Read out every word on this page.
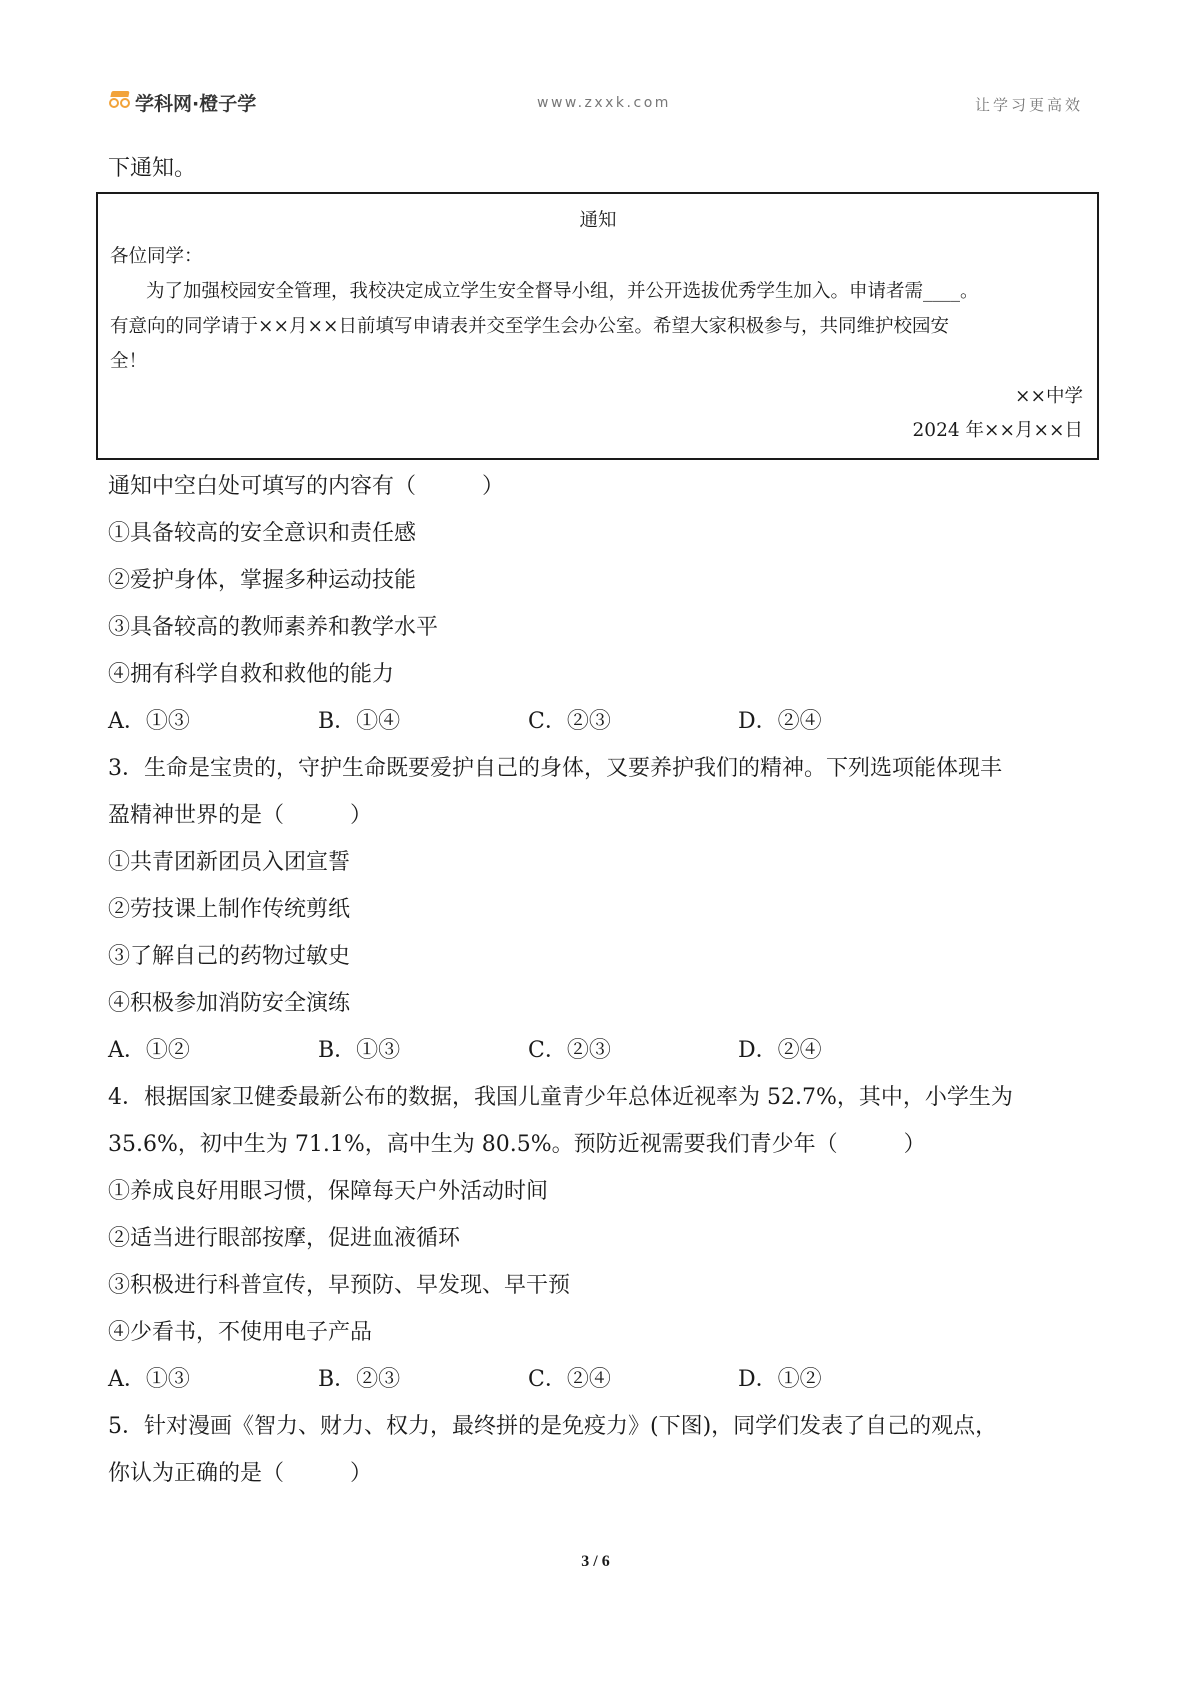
学科网·橙子学	www.zxxk.com	让学习更高效
下通知。
通知
各位同学：
为了加强校园安全管理，我校决定成立学生安全督导小组，并公开选拔优秀学生加入。申请者需____。
有意向的同学请于××月××日前填写申请表并交至学生会办公室。希望大家积极参与，共同维护校园安
全！
××中学
2024 年××月××日
通知中空白处可填写的内容有（　　　）
①具备较高的安全意识和责任感
②爱护身体，掌握多种运动技能
③具备较高的教师素养和教学水平
④拥有科学自救和救他的能力
A．①③	B．①④	C．②③	D．②④
3．生命是宝贵的，守护生命既要爱护自己的身体，又要养护我们的精神。下列选项能体现丰
盈精神世界的是（　　　）
①共青团新团员入团宣誓
②劳技课上制作传统剪纸
③了解自己的药物过敏史
④积极参加消防安全演练
A．①②	B．①③	C．②③	D．②④
4．根据国家卫健委最新公布的数据，我国儿童青少年总体近视率为 52.7%，其中，小学生为
35.6%，初中生为 71.1%，高中生为 80.5%。预防近视需要我们青少年（　　　）
①养成良好用眼习惯，保障每天户外活动时间
②适当进行眼部按摩，促进血液循环
③积极进行科普宣传，早预防、早发现、早干预
④少看书，不使用电子产品
A．①③	B．②③	C．②④	D．①②
5．针对漫画《智力、财力、权力，最终拼的是免疫力》(下图)，同学们发表了自己的观点，
你认为正确的是（　　　）
3 / 6
